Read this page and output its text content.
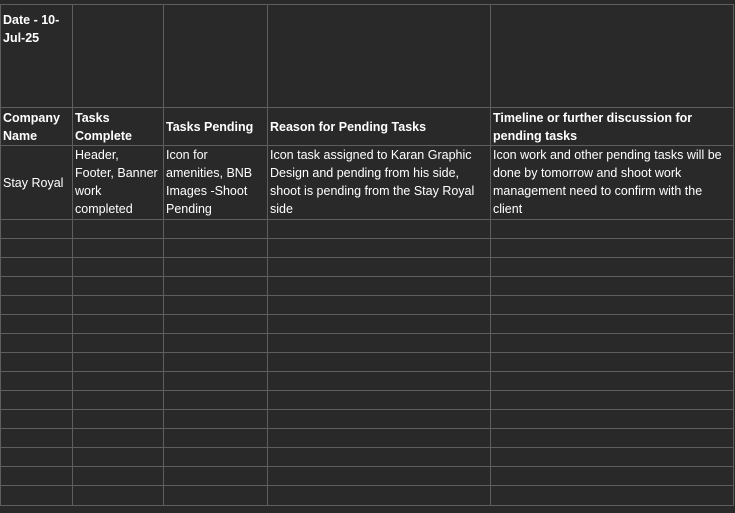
Date - 10-Jul-25				
Company Name	Tasks Complete	Tasks Pending	Reason for Pending Tasks	Timeline or further discussion for pending tasks
Stay Royal	Header, Footer, Banner work completed	Icon for amenities, BNB Images -Shoot Pending	Icon task assigned to Karan Graphic Design and pending from his side, shoot is pending from the Stay Royal side	Icon work and other pending tasks will be done by tomorrow and shoot work management need to confirm with the client
